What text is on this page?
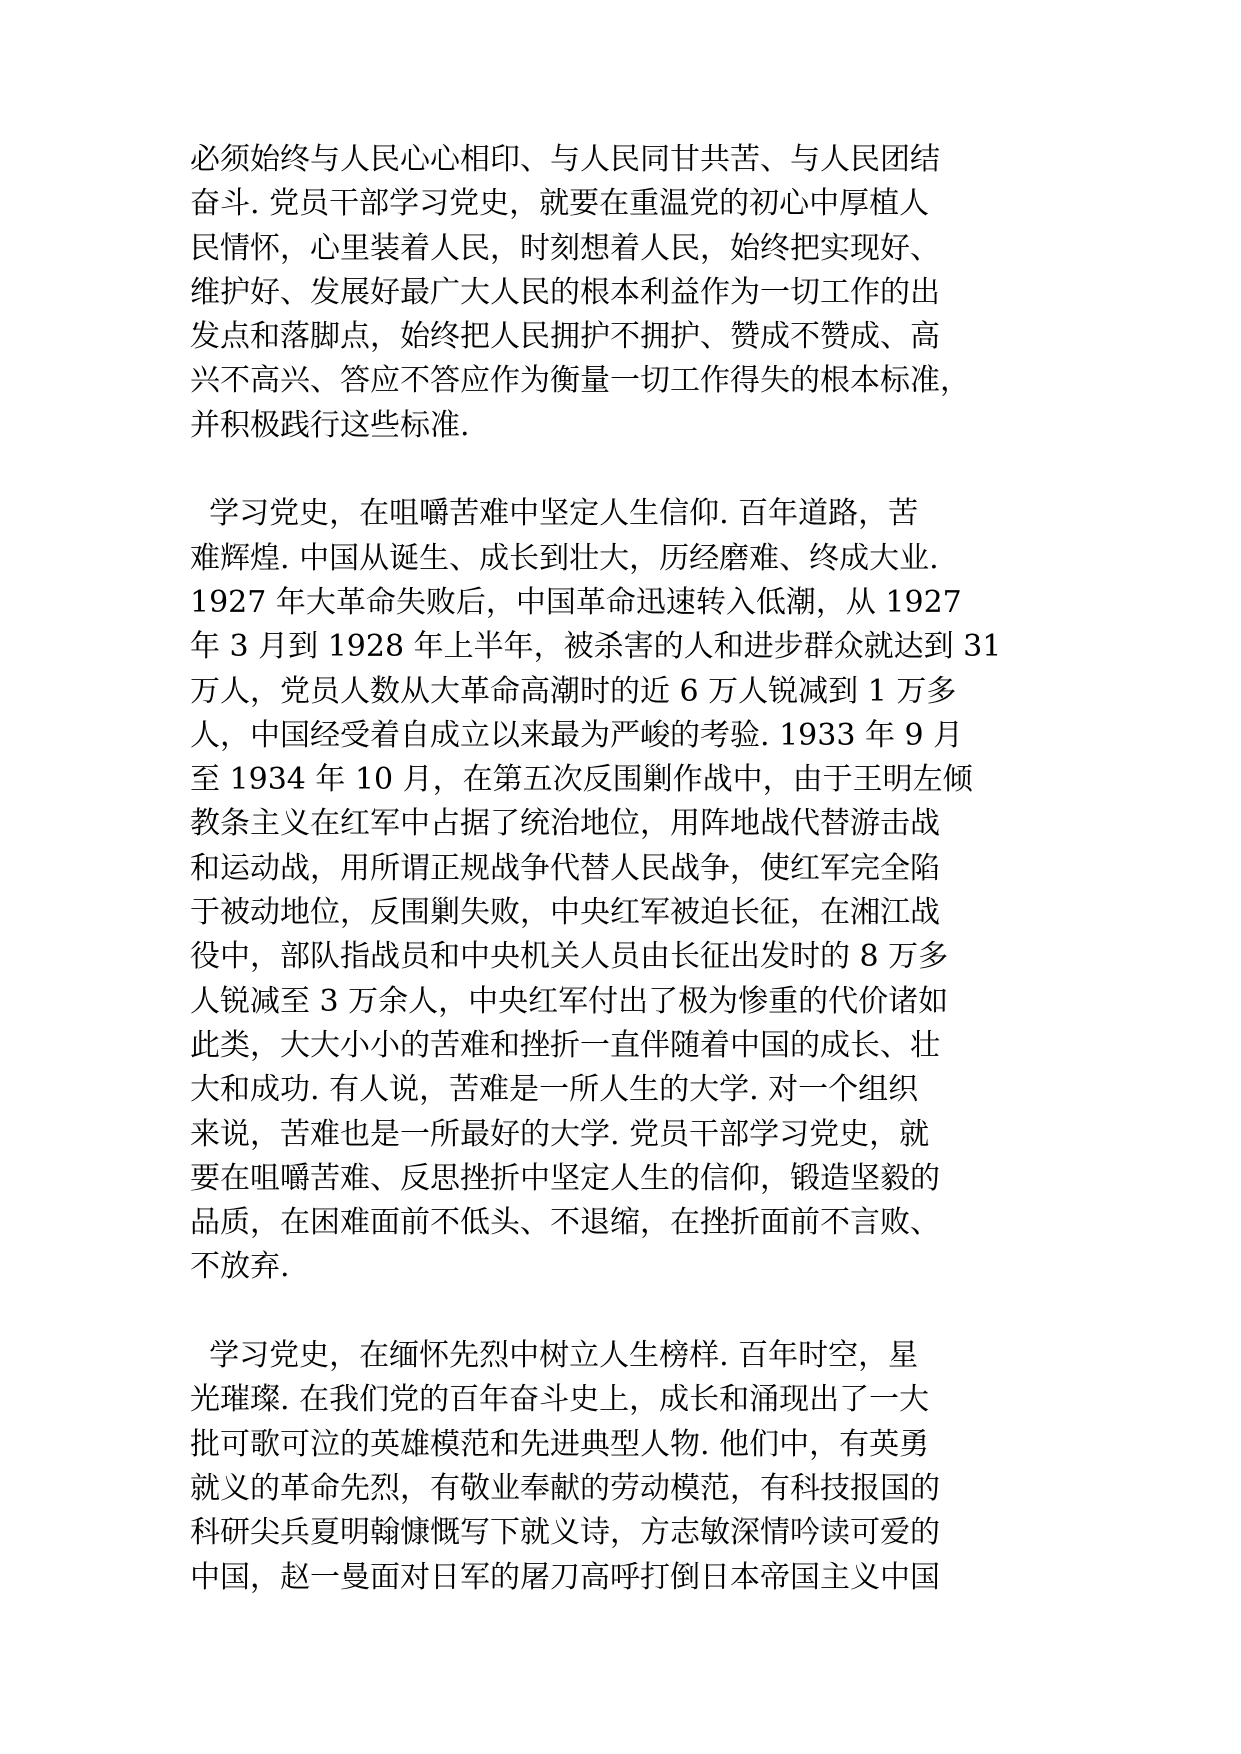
必须始终与人民心心相印、与人民同甘共苦、与人民团结
奋斗. 党员干部学习党史，就要在重温党的初心中厚植人
民情怀，心里装着人民，时刻想着人民，始终把实现好、
维护好、发展好最广大人民的根本利益作为一切工作的出
发点和落脚点，始终把人民拥护不拥护、赞成不赞成、高
兴不高兴、答应不答应作为衡量一切工作得失的根本标准，
并积极践行这些标准.
学习党史，在咀嚼苦难中坚定人生信仰. 百年道路，苦
难辉煌. 中国从诞生、成长到壮大，历经磨难、终成大业.
1927 年大革命失败后，中国革命迅速转入低潮，从 1927
年 3 月到 1928 年上半年，被杀害的人和进步群众就达到 31
万人，党员人数从大革命高潮时的近 6 万人锐减到 1 万多
人，中国经受着自成立以来最为严峻的考验. 1933 年 9 月
至 1934 年 10 月，在第五次反围剿作战中，由于王明左倾
教条主义在红军中占据了统治地位，用阵地战代替游击战
和运动战，用所谓正规战争代替人民战争，使红军完全陷
于被动地位，反围剿失败，中央红军被迫长征，在湘江战
役中，部队指战员和中央机关人员由长征出发时的 8 万多
人锐减至 3 万余人，中央红军付出了极为惨重的代价诸如
此类，大大小小的苦难和挫折一直伴随着中国的成长、壮
大和成功. 有人说，苦难是一所人生的大学. 对一个组织
来说，苦难也是一所最好的大学. 党员干部学习党史，就
要在咀嚼苦难、反思挫折中坚定人生的信仰，锻造坚毅的
品质，在困难面前不低头、不退缩，在挫折面前不言败、
不放弃.
学习党史，在缅怀先烈中树立人生榜样. 百年时空，星
光璀璨. 在我们党的百年奋斗史上，成长和涌现出了一大
批可歌可泣的英雄模范和先进典型人物. 他们中，有英勇
就义的革命先烈，有敬业奉献的劳动模范，有科技报国的
科研尖兵夏明翰慷慨写下就义诗，方志敏深情吟读可爱的
中国，赵一曼面对日军的屠刀高呼打倒日本帝国主义中国
